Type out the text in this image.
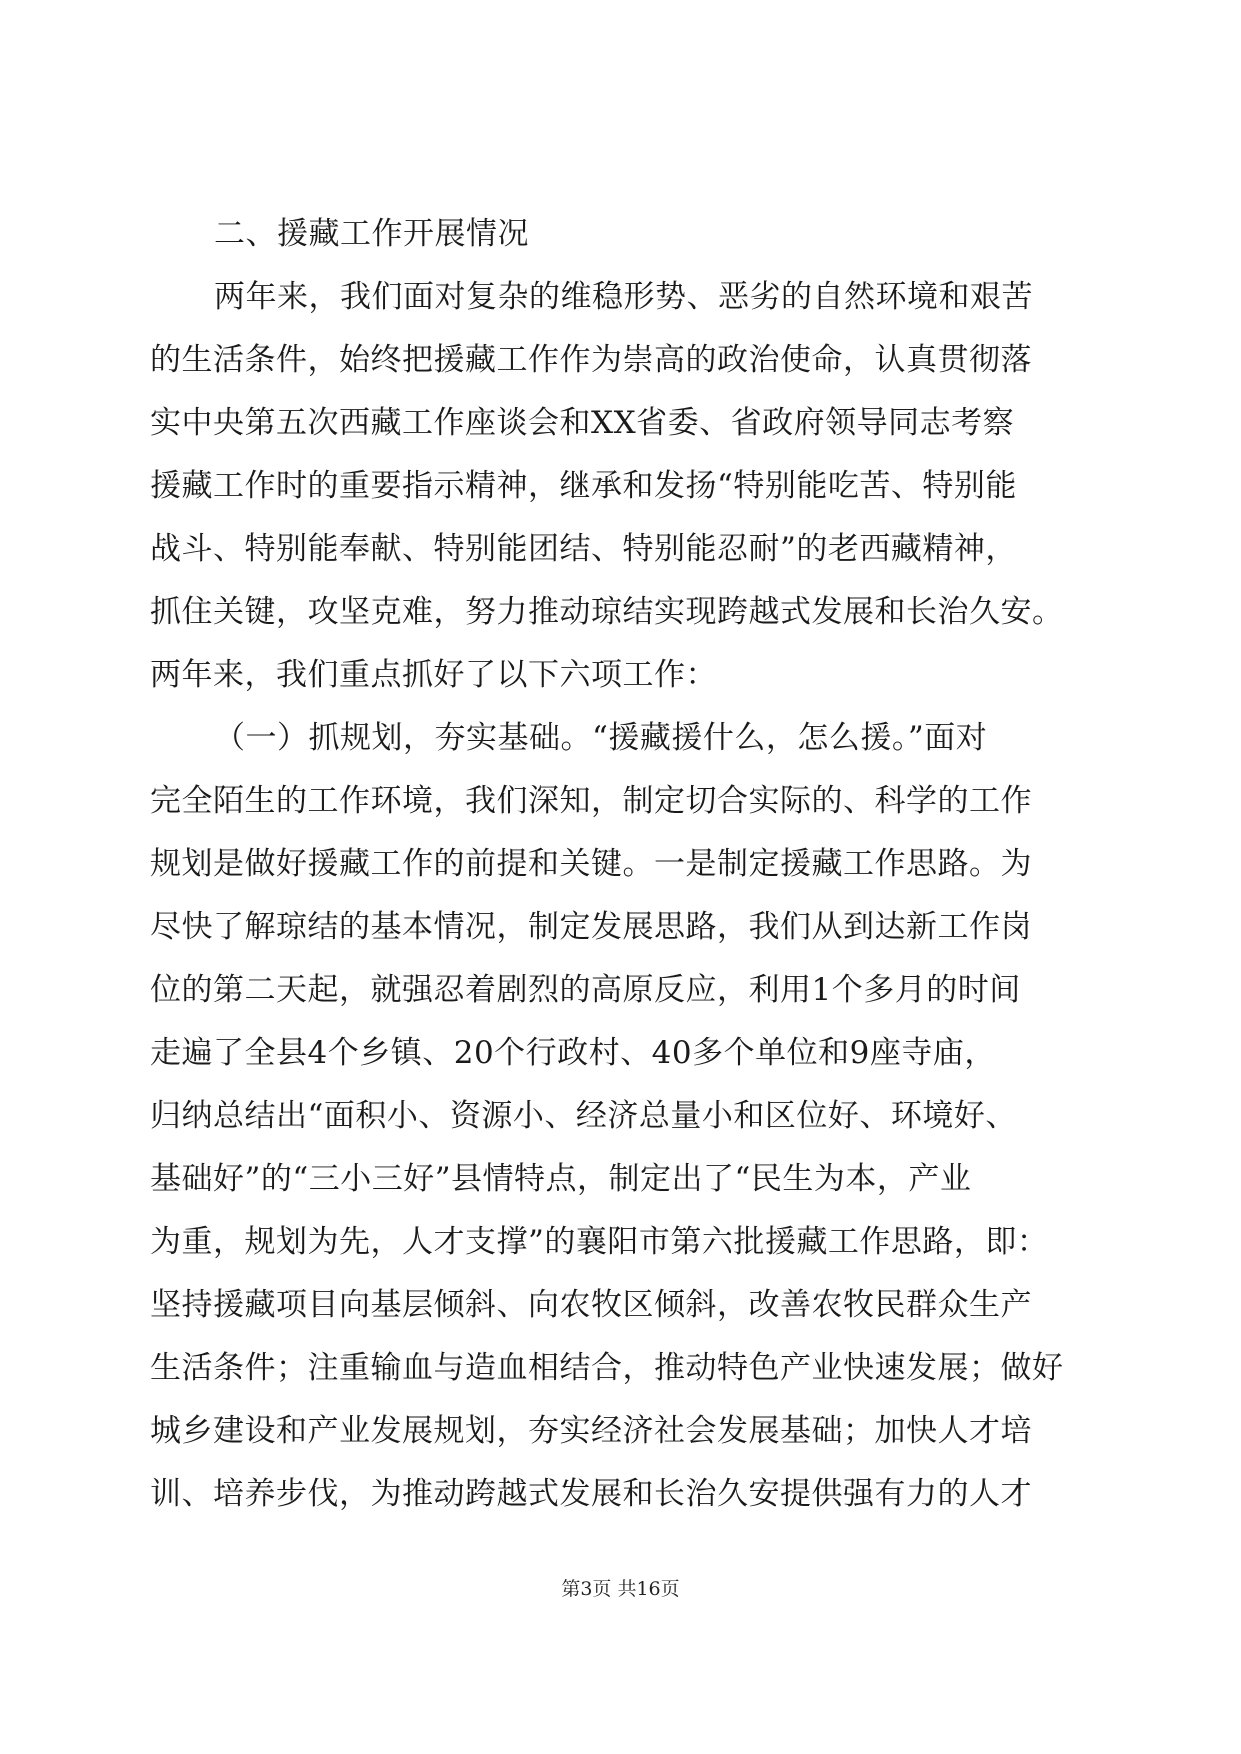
二、援藏工作开展情况
两年来，我们面对复杂的维稳形势、恶劣的自然环境和艰苦
的生活条件，始终把援藏工作作为崇高的政治使命，认真贯彻落
实中央第五次西藏工作座谈会和XX省委、省政府领导同志考察
援藏工作时的重要指示精神，继承和发扬“特别能吃苦、特别能
战斗、特别能奉献、特别能团结、特别能忍耐”的老西藏精神，
抓住关键，攻坚克难，努力推动琼结实现跨越式发展和长治久安。
两年来，我们重点抓好了以下六项工作：
（一）抓规划，夯实基础。“援藏援什么，怎么援。”面对
完全陌生的工作环境，我们深知，制定切合实际的、科学的工作
规划是做好援藏工作的前提和关键。一是制定援藏工作思路。为
尽快了解琼结的基本情况，制定发展思路，我们从到达新工作岗
位的第二天起，就强忍着剧烈的高原反应，利用1个多月的时间
走遍了全县4个乡镇、20个行政村、40多个单位和9座寺庙，
归纳总结出“面积小、资源小、经济总量小和区位好、环境好、
基础好”的“三小三好”县情特点，制定出了“民生为本，产业
为重，规划为先，人才支撑”的襄阳市第六批援藏工作思路，即：
坚持援藏项目向基层倾斜、向农牧区倾斜，改善农牧民群众生产
生活条件；注重输血与造血相结合，推动特色产业快速发展；做好
城乡建设和产业发展规划，夯实经济社会发展基础；加快人才培
训、培养步伐，为推动跨越式发展和长治久安提供强有力的人才
第3页 共16页
